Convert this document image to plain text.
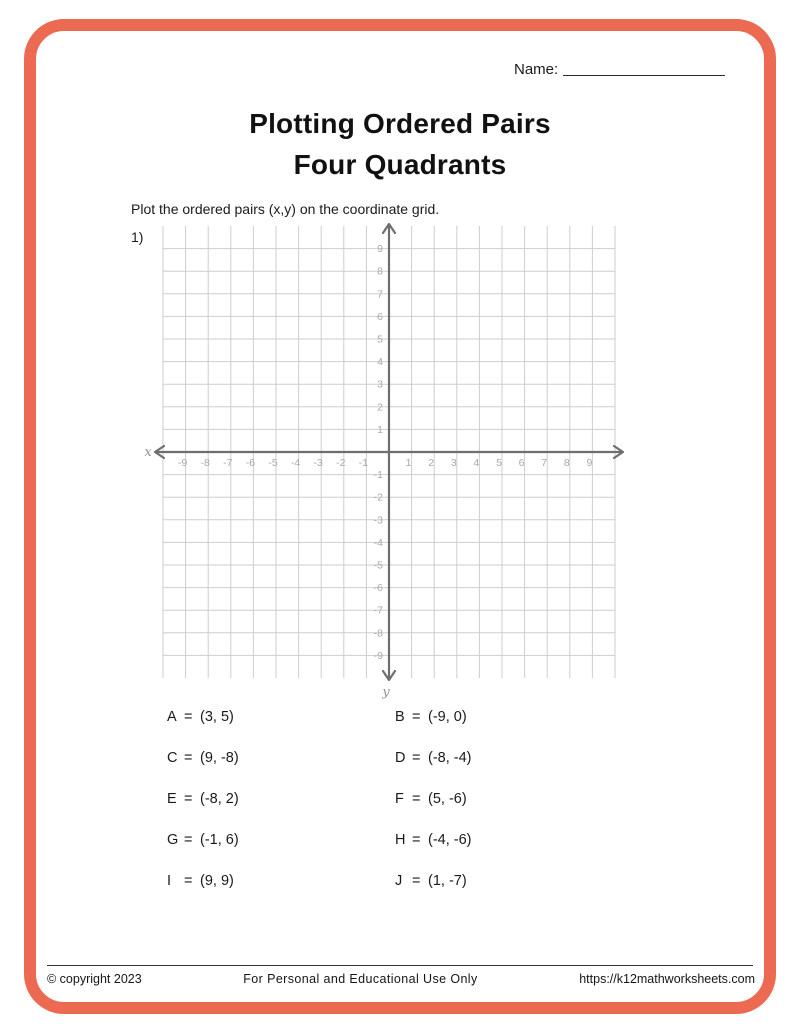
Name:
Plotting Ordered Pairs
Four Quadrants
Plot the ordered pairs (x,y) on the coordinate grid.
1)
-9 -8 -7 -6 -5 -4 -3 -2 -1	1 2 3 4 5 6 7 8 9
-9
-8
-7
-6
-5
-4
-3
-2
-1
1
2
3
4
5
6
7
8
9
x
y
A = (3, 5)	B = (-9, 0)
C = (9, -8)	D = (-8, -4)
E = (-8, 2)	F = (5, -6)
G = (-1, 6)	H = (-4, -6)
I = (9, 9)	J = (1, -7)
© copyright 2023	For Personal and Educational Use Only	https://k12mathworksheets.com
